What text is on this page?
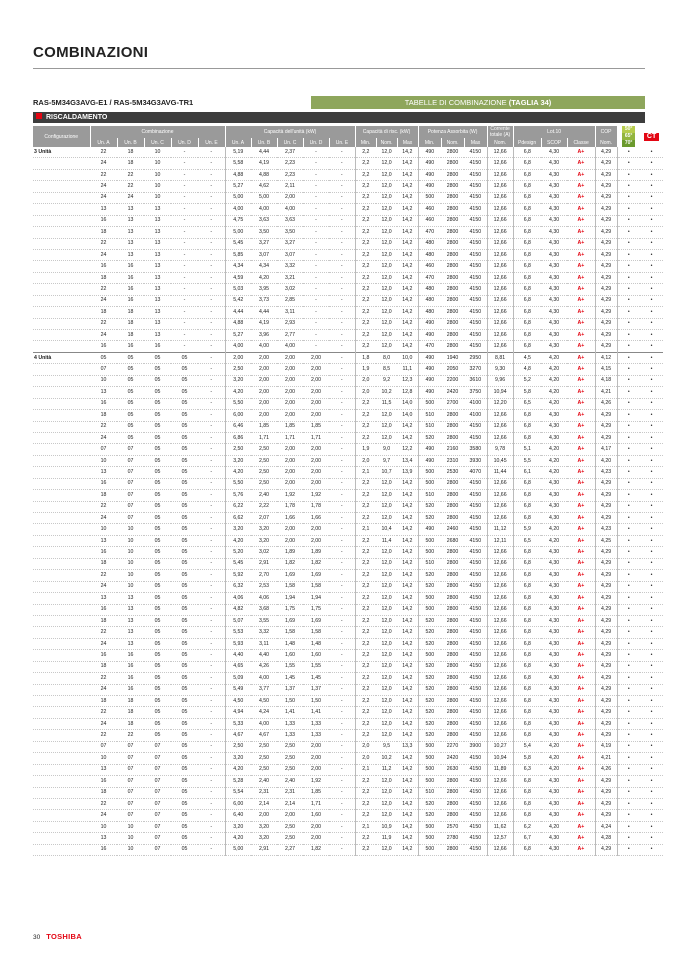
COMBINAZIONI
RAS-5M34G3AVG-E1 / RAS-5M34G3AVG-TR1	TABELLE DI COMBINAZIONE (TAGLIA 34)
RISCALDAMENTO
Configurazione	Combinazione					Capacità dell'unità (kW)					Capacità di risc. (kW)			Potenza Assorbita (W)			Corrente totale (A)	Lot.10			COP	50°
65°
70°	CT
	Un. A	Un. B	Un. C	Un. D	Un. E	Un. A	Un. B	Un. C	Un. D	Un. E	Min.	Nom.	Max	Min.	Nom.	Max	Nom.	Pdesign	SCOP	Classe	Nom.		
3 Unità	22	18	10	-	-	5,19	4,44	2,37	-	-	2,2	12,0	14,2	490	2800	4150	12,66	6,8	4,30	A+	4,29	•	•
	24	18	10	-	-	5,58	4,19	2,23	-	-	2,2	12,0	14,2	490	2800	4150	12,66	6,8	4,30	A+	4,29	•	•
	22	22	10	-	-	4,88	4,88	2,23	-	-	2,2	12,0	14,2	490	2800	4150	12,66	6,8	4,30	A+	4,29	•	•
	24	22	10	-	-	5,27	4,62	2,11	-	-	2,2	12,0	14,2	490	2800	4150	12,66	6,8	4,30	A+	4,29	•	•
	24	24	10	-	-	5,00	5,00	2,00	-	-	2,2	12,0	14,2	500	2800	4150	12,66	6,8	4,30	A+	4,29	•	•
	13	13	13	-	-	4,00	4,00	4,00	-	-	2,2	12,0	14,2	460	2800	4150	12,66	6,8	4,30	A+	4,29	•	•
	16	13	13	-	-	4,75	3,63	3,63	-	-	2,2	12,0	14,2	460	2800	4150	12,66	6,8	4,30	A+	4,29	•	•
	18	13	13	-	-	5,00	3,50	3,50	-	-	2,2	12,0	14,2	470	2800	4150	12,66	6,8	4,30	A+	4,29	•	•
	22	13	13	-	-	5,45	3,27	3,27	-	-	2,2	12,0	14,2	480	2800	4150	12,66	6,8	4,30	A+	4,29	•	•
	24	13	13	-	-	5,85	3,07	3,07	-	-	2,2	12,0	14,2	480	2800	4150	12,66	6,8	4,30	A+	4,29	•	•
	16	16	13	-	-	4,34	4,34	3,32	-	-	2,2	12,0	14,2	460	2800	4150	12,66	6,8	4,30	A+	4,29	•	•
	18	16	13	-	-	4,59	4,20	3,21	-	-	2,2	12,0	14,2	470	2800	4150	12,66	6,8	4,30	A+	4,29	•	•
	22	16	13	-	-	5,03	3,95	3,02	-	-	2,2	12,0	14,2	480	2800	4150	12,66	6,8	4,30	A+	4,29	•	•
	24	16	13	-	-	5,42	3,73	2,85	-	-	2,2	12,0	14,2	480	2800	4150	12,66	6,8	4,30	A+	4,29	•	•
	18	18	13	-	-	4,44	4,44	3,11	-	-	2,2	12,0	14,2	480	2800	4150	12,66	6,8	4,30	A+	4,29	•	•
	22	18	13	-	-	4,88	4,19	2,93	-	-	2,2	12,0	14,2	490	2800	4150	12,66	6,8	4,30	A+	4,29	•	•
	24	18	13	-	-	5,27	3,96	2,77	-	-	2,2	12,0	14,2	490	2800	4150	12,66	6,8	4,30	A+	4,29	•	•
	16	16	16	-	-	4,00	4,00	4,00	-	-	2,2	12,0	14,2	470	2800	4150	12,66	6,8	4,30	A+	4,29	•	•
4 Unità	05	05	05	05	-	2,00	2,00	2,00	2,00	-	1,8	8,0	10,0	490	1940	2950	8,81	4,5	4,20	A+	4,12	•	•
	07	05	05	05	-	2,50	2,00	2,00	2,00	-	1,9	8,5	11,1	490	2050	3270	9,30	4,8	4,20	A+	4,15	•	•
	10	05	05	05	-	3,20	2,00	2,00	2,00	-	2,0	9,2	12,3	490	2200	3610	9,96	5,2	4,20	A+	4,18	•	•
	13	05	05	05	-	4,20	2,00	2,00	2,00	-	2,0	10,2	12,8	490	2420	3750	10,94	5,8	4,20	A+	4,21	•	•
	16	05	05	05	-	5,50	2,00	2,00	2,00	-	2,2	11,5	14,0	500	2700	4100	12,20	6,5	4,20	A+	4,26	•	•
	18	05	05	05	-	6,00	2,00	2,00	2,00	-	2,2	12,0	14,0	510	2800	4100	12,66	6,8	4,30	A+	4,29	•	•
	22	05	05	05	-	6,46	1,85	1,85	1,85	-	2,2	12,0	14,2	510	2800	4150	12,66	6,8	4,30	A+	4,29	•	•
	24	05	05	05	-	6,86	1,71	1,71	1,71	-	2,2	12,0	14,2	520	2800	4150	12,66	6,8	4,30	A+	4,29	•	•
	07	07	05	05	-	2,50	2,50	2,00	2,00	-	1,9	9,0	12,2	490	2160	3580	9,78	5,1	4,20	A+	4,17	•	•
	10	07	05	05	-	3,20	2,50	2,00	2,00	-	2,0	9,7	13,4	490	2310	3930	10,45	5,5	4,20	A+	4,20	•	•
	13	07	05	05	-	4,20	2,50	2,00	2,00	-	2,1	10,7	13,9	500	2530	4070	11,44	6,1	4,20	A+	4,23	•	•
	16	07	05	05	-	5,50	2,50	2,00	2,00	-	2,2	12,0	14,2	500	2800	4150	12,66	6,8	4,30	A+	4,29	•	•
	18	07	05	05	-	5,76	2,40	1,92	1,92	-	2,2	12,0	14,2	510	2800	4150	12,66	6,8	4,30	A+	4,29	•	•
	22	07	05	05	-	6,22	2,22	1,78	1,78	-	2,2	12,0	14,2	520	2800	4150	12,66	6,8	4,30	A+	4,29	•	•
	24	07	05	05	-	6,62	2,07	1,66	1,66	-	2,2	12,0	14,2	520	2800	4150	12,66	6,8	4,30	A+	4,29	•	•
	10	10	05	05	-	3,20	3,20	2,00	2,00	-	2,1	10,4	14,2	490	2460	4150	11,12	5,9	4,20	A+	4,23	•	•
	13	10	05	05	-	4,20	3,20	2,00	2,00	-	2,2	11,4	14,2	500	2680	4150	12,11	6,5	4,20	A+	4,25	•	•
	16	10	05	05	-	5,20	3,02	1,89	1,89	-	2,2	12,0	14,2	500	2800	4150	12,66	6,8	4,30	A+	4,29	•	•
	18	10	05	05	-	5,45	2,91	1,82	1,82	-	2,2	12,0	14,2	510	2800	4150	12,66	6,8	4,30	A+	4,29	•	•
	22	10	05	05	-	5,92	2,70	1,69	1,69	-	2,2	12,0	14,2	520	2800	4150	12,66	6,8	4,30	A+	4,29	•	•
	24	10	05	05	-	6,32	2,53	1,58	1,58	-	2,2	12,0	14,2	520	2800	4150	12,66	6,8	4,30	A+	4,29	•	•
	13	13	05	05	-	4,06	4,06	1,94	1,94	-	2,2	12,0	14,2	500	2800	4150	12,66	6,8	4,30	A+	4,29	•	•
	16	13	05	05	-	4,82	3,68	1,75	1,75	-	2,2	12,0	14,2	500	2800	4150	12,66	6,8	4,30	A+	4,29	•	•
	18	13	05	05	-	5,07	3,55	1,69	1,69	-	2,2	12,0	14,2	520	2800	4150	12,66	6,8	4,30	A+	4,29	•	•
	22	13	05	05	-	5,53	3,32	1,58	1,58	-	2,2	12,0	14,2	520	2800	4150	12,66	6,8	4,30	A+	4,29	•	•
	24	13	05	05	-	5,93	3,11	1,48	1,48	-	2,2	12,0	14,2	520	2800	4150	12,66	6,8	4,30	A+	4,29	•	•
	16	16	05	05	-	4,40	4,40	1,60	1,60	-	2,2	12,0	14,2	500	2800	4150	12,66	6,8	4,30	A+	4,29	•	•
	18	16	05	05	-	4,65	4,26	1,55	1,55	-	2,2	12,0	14,2	520	2800	4150	12,66	6,8	4,30	A+	4,29	•	•
	22	16	05	05	-	5,09	4,00	1,45	1,45	-	2,2	12,0	14,2	520	2800	4150	12,66	6,8	4,30	A+	4,29	•	•
	24	16	05	05	-	5,49	3,77	1,37	1,37	-	2,2	12,0	14,2	520	2800	4150	12,66	6,8	4,30	A+	4,29	•	•
	18	18	05	05	-	4,50	4,50	1,50	1,50	-	2,2	12,0	14,2	520	2800	4150	12,66	6,8	4,30	A+	4,29	•	•
	22	18	05	05	-	4,94	4,24	1,41	1,41	-	2,2	12,0	14,2	520	2800	4150	12,66	6,8	4,30	A+	4,29	•	•
	24	18	05	05	-	5,33	4,00	1,33	1,33	-	2,2	12,0	14,2	520	2800	4150	12,66	6,8	4,30	A+	4,29	•	•
	22	22	05	05	-	4,67	4,67	1,33	1,33	-	2,2	12,0	14,2	520	2800	4150	12,66	6,8	4,30	A+	4,29	•	•
	07	07	07	05	-	2,50	2,50	2,50	2,00	-	2,0	9,5	13,3	500	2270	3900	10,27	5,4	4,20	A+	4,19	•	•
	10	07	07	05	-	3,20	2,50	2,50	2,00	-	2,0	10,2	14,2	500	2420	4150	10,94	5,8	4,20	A+	4,21	•	•
	13	07	07	05	-	4,20	2,50	2,50	2,00	-	2,1	11,2	14,2	500	2630	4150	11,89	6,3	4,20	A+	4,26	•	•
	16	07	07	05	-	5,28	2,40	2,40	1,92	-	2,2	12,0	14,2	500	2800	4150	12,66	6,8	4,30	A+	4,29	•	•
	18	07	07	05	-	5,54	2,31	2,31	1,85	-	2,2	12,0	14,2	510	2800	4150	12,66	6,8	4,30	A+	4,29	•	•
	22	07	07	05	-	6,00	2,14	2,14	1,71	-	2,2	12,0	14,2	520	2800	4150	12,66	6,8	4,30	A+	4,29	•	•
	24	07	07	05	-	6,40	2,00	2,00	1,60	-	2,2	12,0	14,2	520	2800	4150	12,66	6,8	4,30	A+	4,29	•	•
	10	10	07	05	-	3,20	3,20	2,50	2,00	-	2,1	10,9	14,2	500	2570	4150	11,62	6,2	4,20	A+	4,24	•	•
	13	10	07	05	-	4,20	3,20	2,50	2,00	-	2,2	11,9	14,2	500	2780	4150	12,57	6,7	4,30	A+	4,28	•	•
	16	10	07	05	-	5,00	2,91	2,27	1,82	-	2,2	12,0	14,2	500	2800	4150	12,66	6,8	4,30	A+	4,29	•	•
30 TOSHIBA
